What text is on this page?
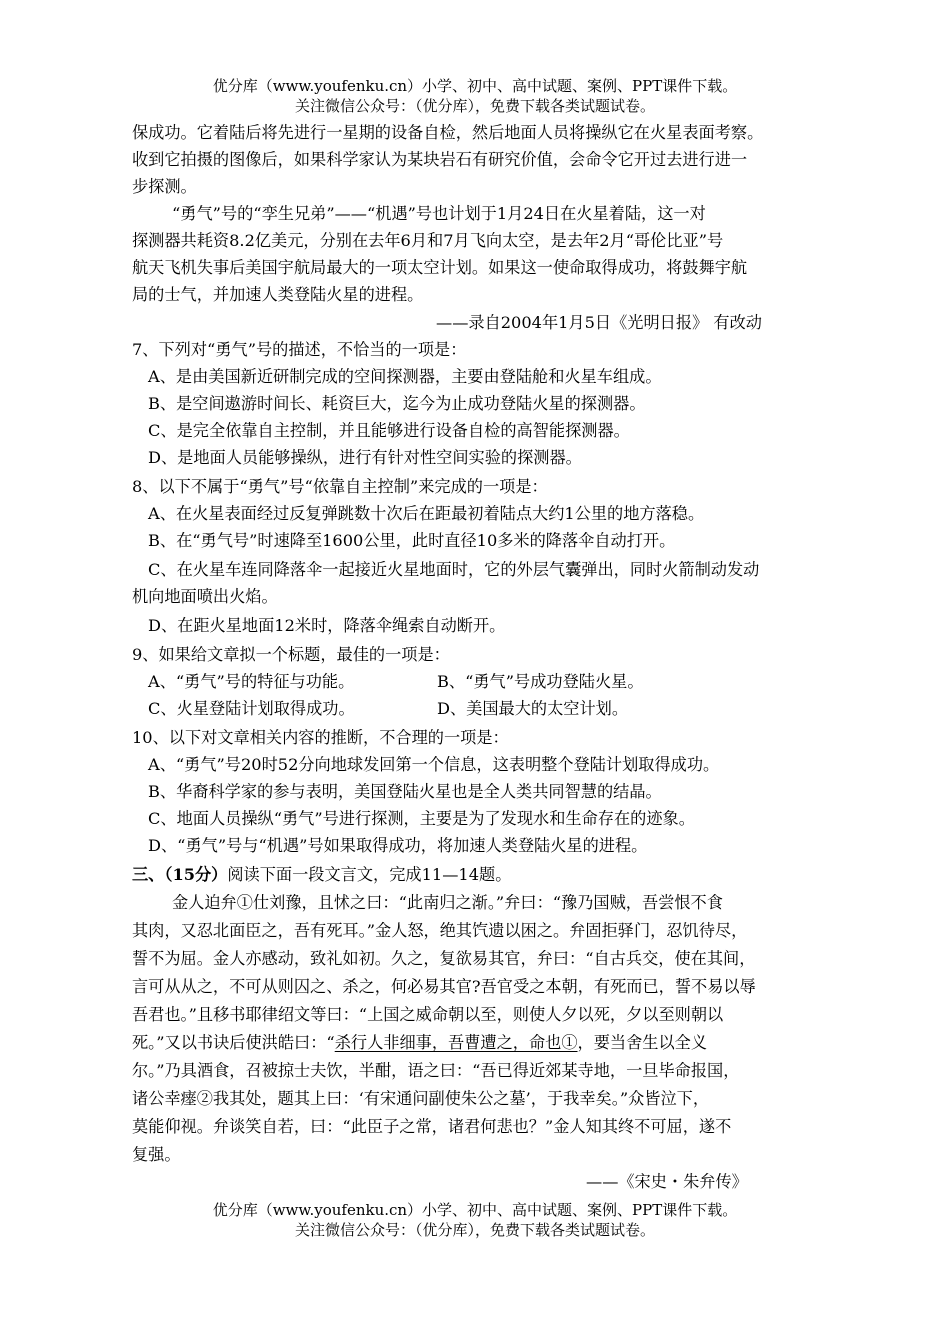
优分库（www.youfenku.cn）小学、初中、高中试题、案例、PPT课件下载。
关注微信公众号：（优分库），免费下载各类试题试卷。
保成功。它着陆后将先进行一星期的设备自检，然后地面人员将操纵它在火星表面考察。
收到它拍摄的图像后，如果科学家认为某块岩石有研究价值，会命令它开过去进行进一
步探测。
“勇气”号的“孪生兄弟”——“机遇”号也计划于1月24日在火星着陆，这一对
探测器共耗资8.2亿美元，分别在去年6月和7月飞向太空，是去年2月“哥伦比亚”号
航天飞机失事后美国宇航局最大的一项太空计划。如果这一使命取得成功，将鼓舞宇航
局的士气，并加速人类登陆火星的进程。
——录自2004年1月5日《光明日报》 有改动
7、下列对“勇气”号的描述，不恰当的一项是：
A、是由美国新近研制完成的空间探测器，主要由登陆舱和火星车组成。
B、是空间遨游时间长、耗资巨大，迄今为止成功登陆火星的探测器。
C、是完全依靠自主控制，并且能够进行设备自检的高智能探测器。
D、是地面人员能够操纵，进行有针对性空间实验的探测器。
8、以下不属于“勇气”号“依靠自主控制”来完成的一项是：
A、在火星表面经过反复弹跳数十次后在距最初着陆点大约1公里的地方落稳。
B、在“勇气号”时速降至1600公里，此时直径10多米的降落伞自动打开。
C、在火星车连同降落伞一起接近火星地面时，它的外层气囊弹出，同时火箭制动发动
机向地面喷出火焰。
D、在距火星地面12米时，降落伞绳索自动断开。
9、如果给文章拟一个标题，最佳的一项是：
A、“勇气”号的特征与功能。	B、“勇气”号成功登陆火星。
C、火星登陆计划取得成功。	D、美国最大的太空计划。
10、以下对文章相关内容的推断，不合理的一项是：
A、“勇气”号20时52分向地球发回第一个信息，这表明整个登陆计划取得成功。
B、华裔科学家的参与表明，美国登陆火星也是全人类共同智慧的结晶。
C、地面人员操纵“勇气”号进行探测，主要是为了发现水和生命存在的迹象。
D、“勇气”号与“机遇”号如果取得成功，将加速人类登陆火星的进程。
三、（15分）阅读下面一段文言文，完成11—14题。
金人迫弁①仕刘豫，且怵之曰：“此南归之渐。”弁曰：“豫乃国贼，吾尝恨不食
其肉，又忍北面臣之，吾有死耳。”金人怒，绝其饩遗以困之。弁固拒驿门，忍饥待尽，
誓不为屈。金人亦感动，致礼如初。久之，复欲易其官，弁曰：“自古兵交，使在其间，
言可从从之，不可从则囚之、杀之，何必易其官?吾官受之本朝，有死而已，誓不易以辱
吾君也。”且移书耶律绍文等曰：“上国之威命朝以至，则使人夕以死，夕以至则朝以
死。”又以书诀后使洪皓曰：“杀行人非细事，吾曹遭之，命也①，要当舍生以全义
尔。”乃具酒食，召被掠士夫饮，半酣，语之曰：“吾已得近郊某寺地，一旦毕命报国，
诸公幸瘗②我其处，题其上曰：‘有宋通问副使朱公之墓’，于我幸矣。”众皆泣下，
莫能仰视。弁谈笑自若，曰：“此臣子之常，诸君何悲也？”金人知其终不可屈，遂不
复强。
——《宋史・朱弁传》
优分库（www.youfenku.cn）小学、初中、高中试题、案例、PPT课件下载。
关注微信公众号：（优分库），免费下载各类试题试卷。
